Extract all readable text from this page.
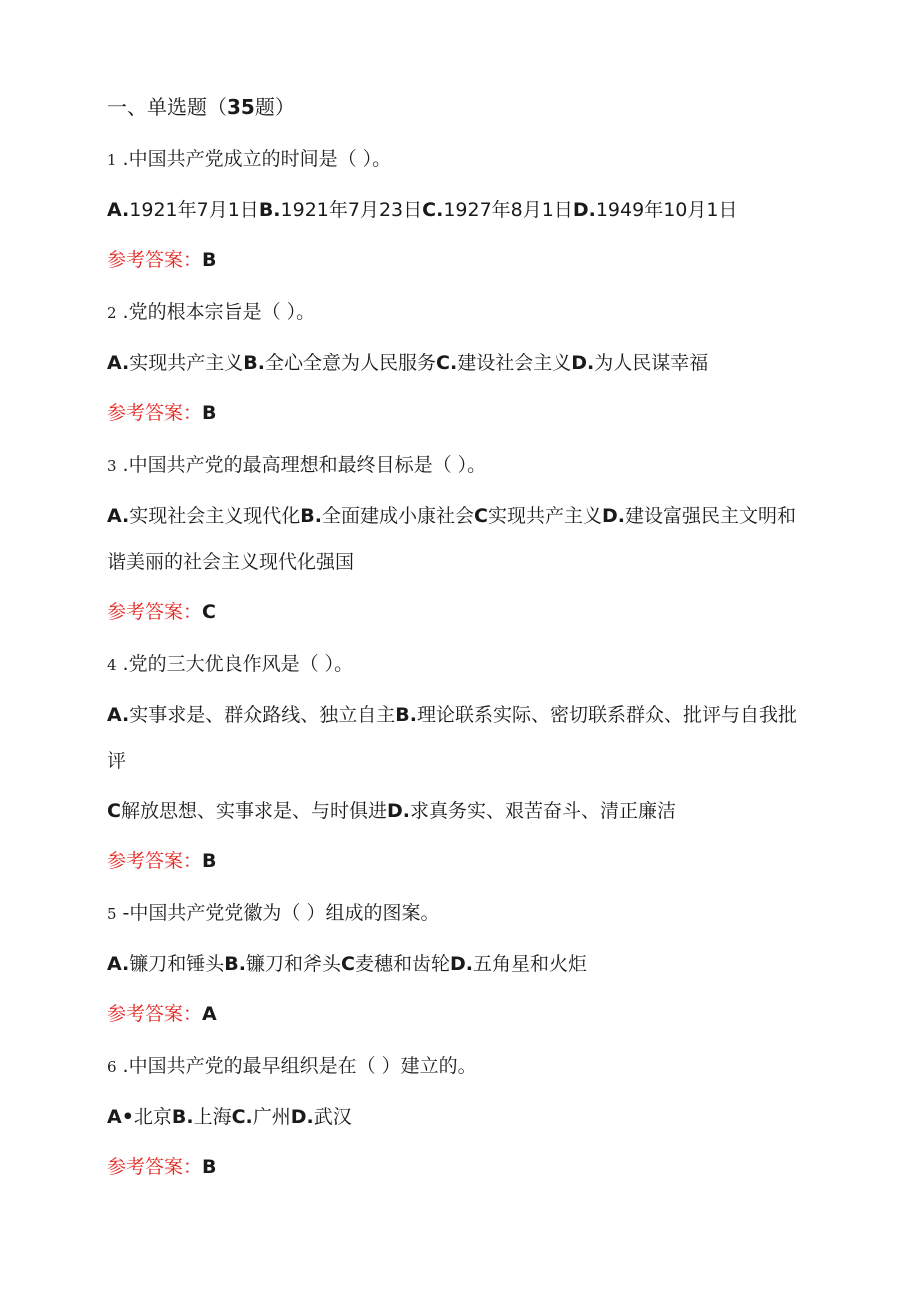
一、单选题（35题）
1 .中国共产党成立的时间是（ ）。
A.1921年7月1日B.1921年7月23日C.1927年8月1日D.1949年10月1日
参考答案：B
2 .党的根本宗旨是（ ）。
A.实现共产主义B.全心全意为人民服务C.建设社会主义D.为人民谋幸福
参考答案：B
3 .中国共产党的最高理想和最终目标是（ ）。
A.实现社会主义现代化B.全面建成小康社会C实现共产主义D.建设富强民主文明和谐美丽的社会主义现代化强国
参考答案：C
4 .党的三大优良作风是（ ）。
A.实事求是、群众路线、独立自主B.理论联系实际、密切联系群众、批评与自我批评
C解放思想、实事求是、与时俱进D.求真务实、艰苦奋斗、清正廉洁
参考答案：B
5 -中国共产党党徽为（ ）组成的图案。
A.镰刀和锤头B.镰刀和斧头C麦穗和齿轮D.五角星和火炬
参考答案：A
6 .中国共产党的最早组织是在（ ）建立的。
A•北京B.上海C.广州D.武汉
参考答案：B
